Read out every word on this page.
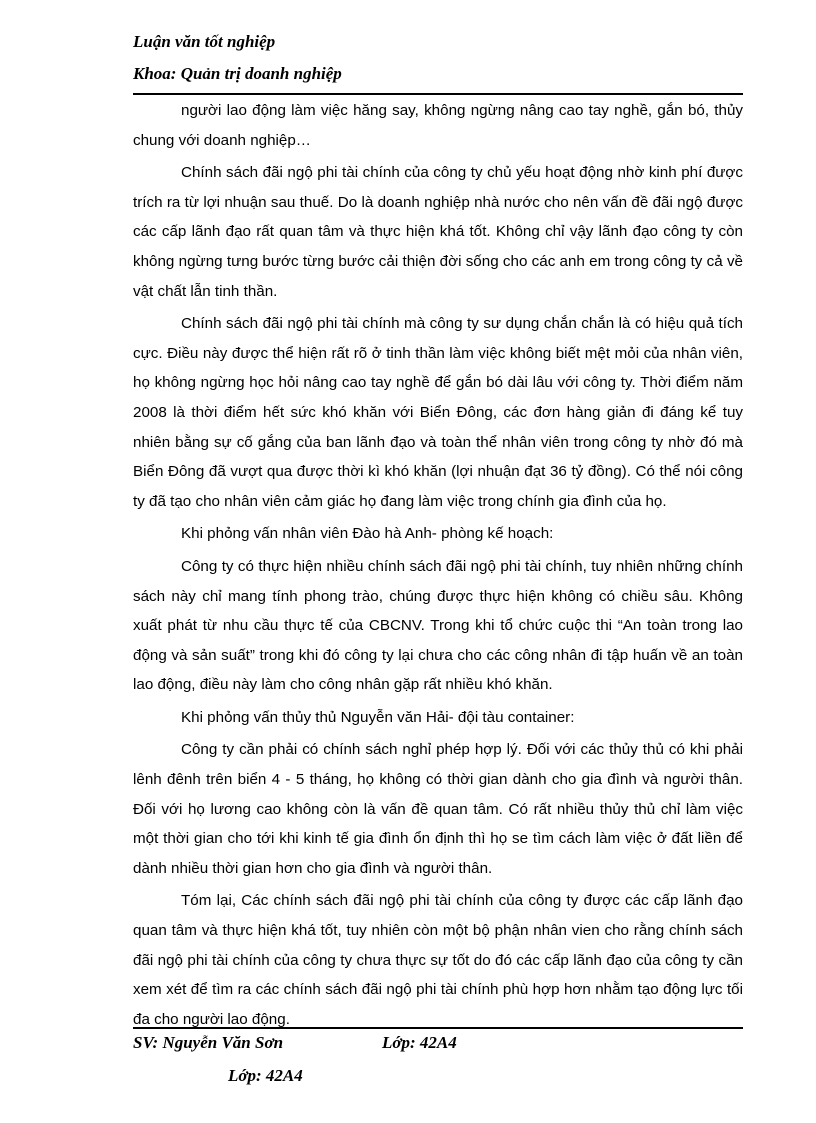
Luận văn tốt nghiệp
Khoa: Quản trị doanh nghiệp

người lao động làm việc hăng say, không ngừng nâng cao tay nghề, gắn bó, thủy chung với doanh nghiệp…

Chính sách đãi ngộ phi tài chính của công ty chủ yếu hoạt động nhờ kinh phí được trích ra từ lợi nhuận sau thuế. Do là doanh nghiệp nhà nước cho nên vấn đề đãi ngộ được các cấp lãnh đạo rất quan tâm và thực hiện khá tốt. Không chỉ vậy lãnh đạo công ty còn không ngừng tưng bước từng bước cải thiện đời sống cho các anh em trong công ty cả về vật chất lẫn tinh thần.

Chính sách đãi ngộ phi tài chính mà công ty sư dụng chắn chắn là có hiệu quả tích cực. Điều này được thể hiện rất rõ ở tinh thần làm việc không biết mệt mỏi của nhân viên, họ không ngừng học hỏi nâng cao tay nghề để gắn bó dài lâu với công ty. Thời điểm năm 2008 là thời điểm hết sức khó khăn với Biển Đông, các đơn hàng giản đi đáng kể tuy nhiên bằng sự cố gắng của ban lãnh đạo và toàn thể nhân viên trong công ty nhờ đó mà Biển Đông đã vượt qua được thời kì khó khăn (lợi nhuận đạt 36 tỷ đồng). Có thể nói công ty đã tạo cho nhân viên cảm giác họ đang làm việc trong chính gia đình của họ.

Khi phỏng vấn nhân viên Đào hà Anh- phòng kế hoạch:

Công ty có thực hiện nhiều chính sách đãi ngộ phi tài chính, tuy nhiên những chính sách này chỉ mang tính phong trào, chúng được thực hiện không có chiều sâu. Không xuất phát từ nhu cầu thực tế của CBCNV. Trong khi tổ chức cuộc thi “An toàn trong lao động và sản suất” trong khi đó công ty lại chưa cho các công nhân đi tập huấn về an toàn lao động, điều này làm cho công nhân gặp rất nhiều khó khăn.

Khi phỏng vấn thủy thủ Nguyễn văn Hải- đội tàu container:

Công ty cần phải có chính sách nghỉ phép hợp lý. Đối với các thủy thủ có khi phải lênh đênh trên biển 4 - 5 tháng, họ không có thời gian dành cho gia đình và người thân. Đối với họ lương cao không còn là vấn đề quan tâm. Có rất nhiều thủy thủ chỉ làm việc một thời gian cho tới khi kinh tế gia đình ổn định thì họ se tìm cách làm việc ở đất liền để dành nhiều thời gian hơn cho gia đình và người thân.

Tóm lại, Các chính sách đãi ngộ phi tài chính của công ty được các cấp lãnh đạo quan tâm và thực hiện khá tốt, tuy nhiên còn một bộ phận nhân vien cho rằng chính sách đãi ngộ phi tài chính của công ty chưa thực sự tốt do đó các cấp lãnh đạo của công ty cần xem xét để tìm ra các chính sách đãi ngộ phi tài chính phù hợp hơn nhằm tạo động lực tối đa cho người lao động.

SV: Nguyễn Văn Sơn	Lớp: 42A4
Lớp: 42A4
